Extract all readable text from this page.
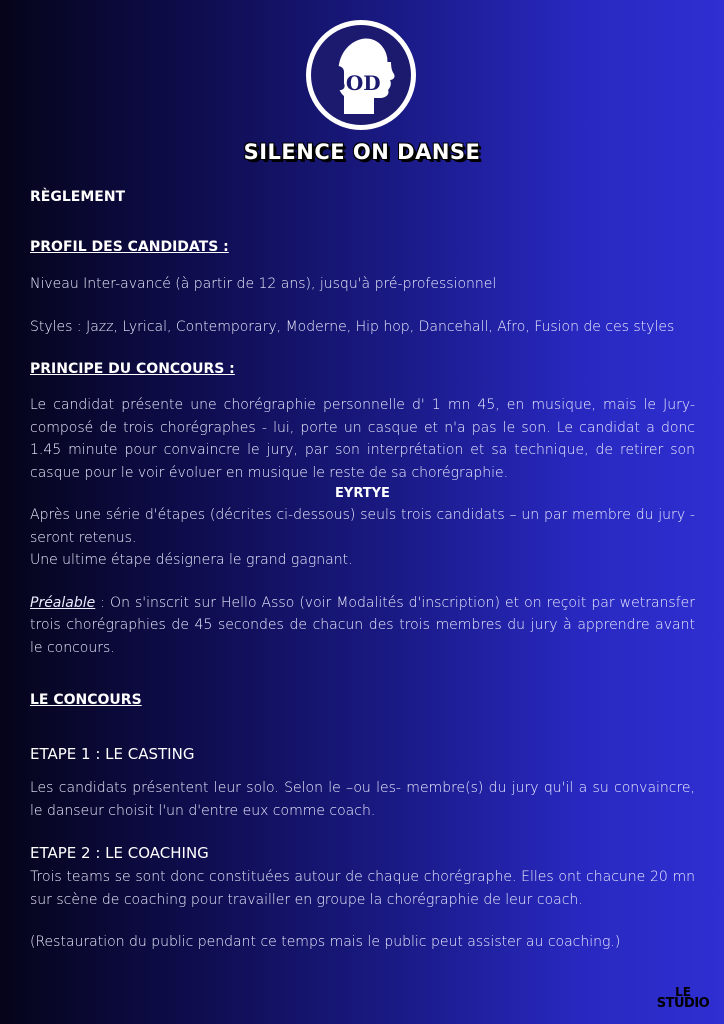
SOD
SILENCE ON DANSE

RÈGLEMENT

PROFIL DES CANDIDATS :

Niveau Inter-avancé (à partir de 12 ans), jusqu'à pré-professionnel

Styles : Jazz, Lyrical, Contemporary, Moderne, Hip hop, Dancehall, Afro, Fusion de ces styles

PRINCIPE DU CONCOURS :

Le candidat présente une chorégraphie personnelle d' 1 mn 45, en musique, mais le Jury- composé de trois chorégraphes - lui, porte un casque et n'a pas le son. Le candidat a donc 1.45 minute pour convaincre le jury, par son interprétation et sa technique, de retirer son casque pour le voir évoluer en musique le reste de sa chorégraphie.

EYRTYE

Après une série d'étapes (décrites ci-dessous) seuls trois candidats – un par membre du jury - seront retenus.

Une ultime étape désignera le grand gagnant.

Préalable : On s'inscrit sur Hello Asso (voir Modalités d'inscription) et on reçoit par wetransfer trois chorégraphies de 45 secondes de chacun des trois membres du jury à apprendre avant le concours.

LE CONCOURS

ETAPE 1 : LE CASTING

Les candidats présentent leur solo. Selon le –ou les- membre(s) du jury qu'il a su convaincre, le danseur choisit l'un d'entre eux comme coach.

ETAPE 2 : LE COACHING

Trois teams se sont donc constituées autour de chaque chorégraphe. Elles ont chacune 20 mn sur scène de coaching pour travailler en groupe la chorégraphie de leur coach.

(Restauration du public pendant ce temps mais le public peut assister au coaching.)

LE
STUDIO
